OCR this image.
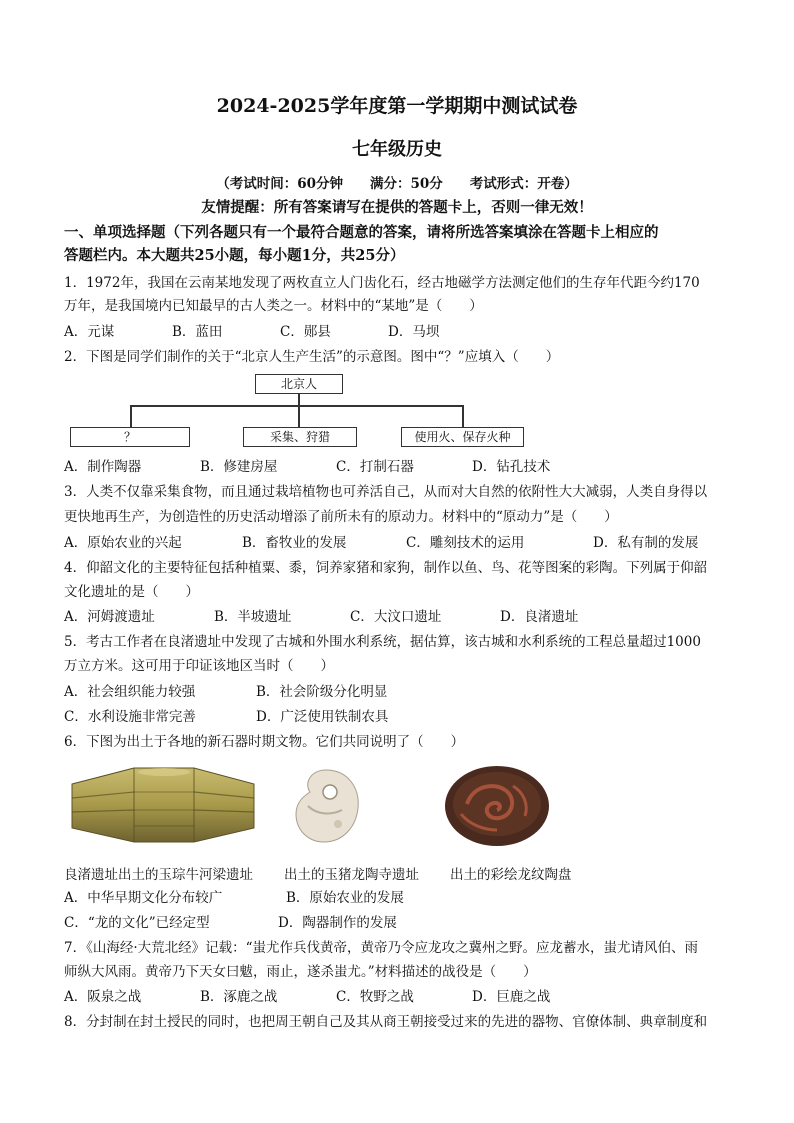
2024-2025学年度第一学期期中测试试卷
七年级历史
（考试时间：60分钟　　满分：50分　　考试形式：开卷）
友情提醒：所有答案请写在提供的答题卡上，否则一律无效！
一、单项选择题（下列各题只有一个最符合题意的答案，请将所选答案填涂在答题卡上相应的
答题栏内。本大题共25小题，每小题1分，共25分）
1．1972年，我国在云南某地发现了两枚直立人门齿化石，经古地磁学方法测定他们的生存年代距今约170
万年，是我国境内已知最早的古人类之一。材料中的“某地”是（　　）
A．元谋	B．蓝田	C．郧县	D．马坝
2．下图是同学们制作的关于“北京人生产生活”的示意图。图中“？”应填入（　　）
北京人
？	采集、狩猎	使用火、保存火种
A．制作陶器	B．修建房屋	C．打制石器	D．钻孔技术
3．人类不仅靠采集食物，而且通过栽培植物也可养活自己，从而对大自然的依附性大大减弱，人类自身得以
更快地再生产，为创造性的历史活动增添了前所未有的原动力。材料中的“原动力”是（　　）
A．原始农业的兴起	B．畜牧业的发展	C．雕刻技术的运用	D．私有制的发展
4．仰韶文化的主要特征包括种植粟、黍，饲养家猪和家狗，制作以鱼、鸟、花等图案的彩陶。下列属于仰韶
文化遗址的是（　　）
A．河姆渡遗址	B．半坡遗址	C．大汶口遗址	D．良渚遗址
5．考古工作者在良渚遗址中发现了古城和外围水利系统，据估算，该古城和水利系统的工程总量超过1000
万立方米。这可用于印证该地区当时（　　）
A．社会组织能力较强	B．社会阶级分化明显
C．水利设施非常完善	D．广泛使用铁制农具
6．下图为出土于各地的新石器时期文物。它们共同说明了（　　）
良渚遗址出土的玉琮牛河梁遗址 出土的玉猪龙陶寺遗址 出土的彩绘龙纹陶盘
A．中华早期文化分布较广	B．原始农业的发展
C．“龙的文化”已经定型	D．陶器制作的发展
7．《山海经·大荒北经》记载：“蚩尤作兵伐黄帝，黄帝乃令应龙攻之冀州之野。应龙蓄水，蚩尤请风伯、雨
师纵大风雨。黄帝乃下天女曰魃，雨止，遂杀蚩尤。”材料描述的战役是（　　）
A．阪泉之战	B．涿鹿之战	C．牧野之战	D．巨鹿之战
8．分封制在封土授民的同时，也把周王朝自己及其从商王朝接受过来的先进的器物、官僚体制、典章制度和
